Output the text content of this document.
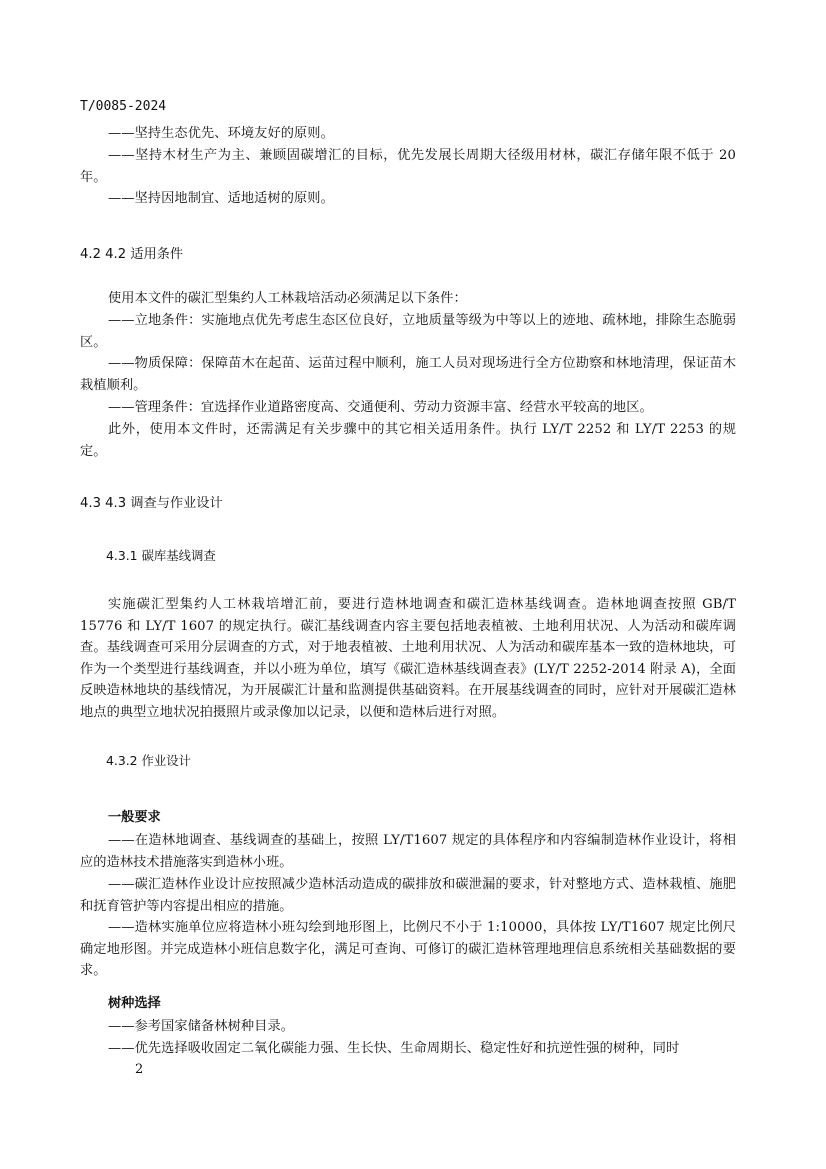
T/0085-2024

——坚持生态优先、环境友好的原则。

——坚持木材生产为主、兼顾固碳增汇的目标，优先发展长周期大径级用材林，碳汇存储年限不低于 20 年。

——坚持因地制宜、适地适树的原则。

4.2 4.2 适用条件

使用本文件的碳汇型集约人工林栽培活动必须满足以下条件：

——立地条件：实施地点优先考虑生态区位良好，立地质量等级为中等以上的迹地、疏林地，排除生态脆弱区。

——物质保障：保障苗木在起苗、运苗过程中顺利，施工人员对现场进行全方位勘察和林地清理，保证苗木栽植顺利。

——管理条件：宜选择作业道路密度高、交通便利、劳动力资源丰富、经营水平较高的地区。

此外，使用本文件时，还需满足有关步骤中的其它相关适用条件。执行 LY/T 2252 和 LY/T 2253 的规定。

4.3 4.3 调查与作业设计

4.3.1 碳库基线调查

实施碳汇型集约人工林栽培增汇前，要进行造林地调查和碳汇造林基线调查。造林地调查按照 GB/T 15776 和 LY/T 1607 的规定执行。碳汇基线调查内容主要包括地表植被、土地利用状况、人为活动和碳库调查。基线调查可采用分层调查的方式，对于地表植被、土地利用状况、人为活动和碳库基本一致的造林地块，可作为一个类型进行基线调查，并以小班为单位，填写《碳汇造林基线调查表》(LY/T 2252-2014 附录 A)，全面反映造林地块的基线情况，为开展碳汇计量和监测提供基础资料。在开展基线调查的同时，应针对开展碳汇造林地点的典型立地状况拍摄照片或录像加以记录，以便和造林后进行对照。

4.3.2 作业设计

一般要求

——在造林地调查、基线调查的基础上，按照 LY/T1607 规定的具体程序和内容编制造林作业设计，将相应的造林技术措施落实到造林小班。

——碳汇造林作业设计应按照减少造林活动造成的碳排放和碳泄漏的要求，针对整地方式、造林栽植、施肥和抚育管护等内容提出相应的措施。

——造林实施单位应将造林小班勾绘到地形图上，比例尺不小于 1:10000，具体按 LY/T1607 规定比例尺确定地形图。并完成造林小班信息数字化，满足可查询、可修订的碳汇造林管理地理信息系统相关基础数据的要求。

树种选择

——参考国家储备林树种目录。

——优先选择吸收固定二氧化碳能力强、生长快、生命周期长、稳定性好和抗逆性强的树种，同时

2
